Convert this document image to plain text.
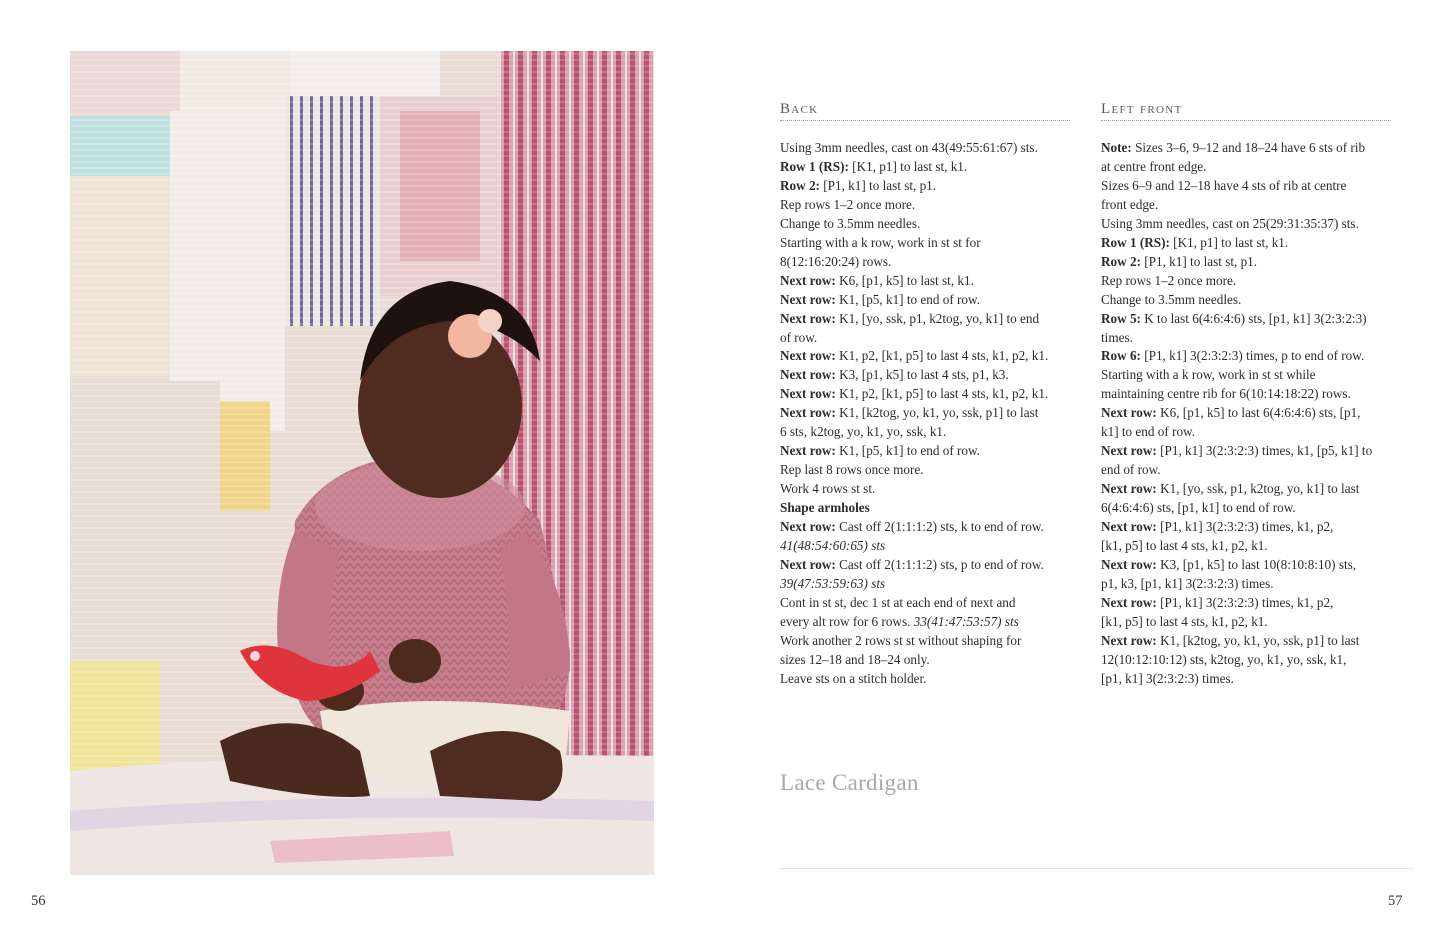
Back
Using 3mm needles, cast on 43(49:55:61:67) sts.
Row 1 (RS): [K1, p1] to last st, k1.
Row 2: [P1, k1] to last st, p1.
Rep rows 1–2 once more.
Change to 3.5mm needles.
Starting with a k row, work in st st for
8(12:16:20:24) rows.
Next row: K6, [p1, k5] to last st, k1.
Next row: K1, [p5, k1] to end of row.
Next row: K1, [yo, ssk, p1, k2tog, yo, k1] to end
of row.
Next row: K1, p2, [k1, p5] to last 4 sts, k1, p2, k1.
Next row: K3, [p1, k5] to last 4 sts, p1, k3.
Next row: K1, p2, [k1, p5] to last 4 sts, k1, p2, k1.
Next row: K1, [k2tog, yo, k1, yo, ssk, p1] to last
6 sts, k2tog, yo, k1, yo, ssk, k1.
Next row: K1, [p5, k1] to end of row.
Rep last 8 rows once more.
Work 4 rows st st.
Shape armholes
Next row: Cast off 2(1:1:1:2) sts, k to end of row.
41(48:54:60:65) sts
Next row: Cast off 2(1:1:1:2) sts, p to end of row.
39(47:53:59:63) sts
Cont in st st, dec 1 st at each end of next and
every alt row for 6 rows. 33(41:47:53:57) sts
Work another 2 rows st st without shaping for
sizes 12–18 and 18–24 only.
Leave sts on a stitch holder.
Left front
Note: Sizes 3–6, 9–12 and 18–24 have 6 sts of rib
at centre front edge.
Sizes 6–9 and 12–18 have 4 sts of rib at centre
front edge.
Using 3mm needles, cast on 25(29:31:35:37) sts.
Row 1 (RS): [K1, p1] to last st, k1.
Row 2: [P1, k1] to last st, p1.
Rep rows 1–2 once more.
Change to 3.5mm needles.
Row 5: K to last 6(4:6:4:6) sts, [p1, k1] 3(2:3:2:3)
times.
Row 6: [P1, k1] 3(2:3:2:3) times, p to end of row.
Starting with a k row, work in st st while
maintaining centre rib for 6(10:14:18:22) rows.
Next row: K6, [p1, k5] to last 6(4:6:4:6) sts, [p1,
k1] to end of row.
Next row: [P1, k1] 3(2:3:2:3) times, k1, [p5, k1] to
end of row.
Next row: K1, [yo, ssk, p1, k2tog, yo, k1] to last
6(4:6:4:6) sts, [p1, k1] to end of row.
Next row: [P1, k1] 3(2:3:2:3) times, k1, p2,
[k1, p5] to last 4 sts, k1, p2, k1.
Next row: K3, [p1, k5] to last 10(8:10:8:10) sts,
p1, k3, [p1, k1] 3(2:3:2:3) times.
Next row: [P1, k1] 3(2:3:2:3) times, k1, p2,
[k1, p5] to last 4 sts, k1, p2, k1.
Next row: K1, [k2tog, yo, k1, yo, ssk, p1] to last
12(10:12:10:12) sts, k2tog, yo, k1, yo, ssk, k1,
[p1, k1] 3(2:3:2:3) times.
Lace Cardigan
56	57
